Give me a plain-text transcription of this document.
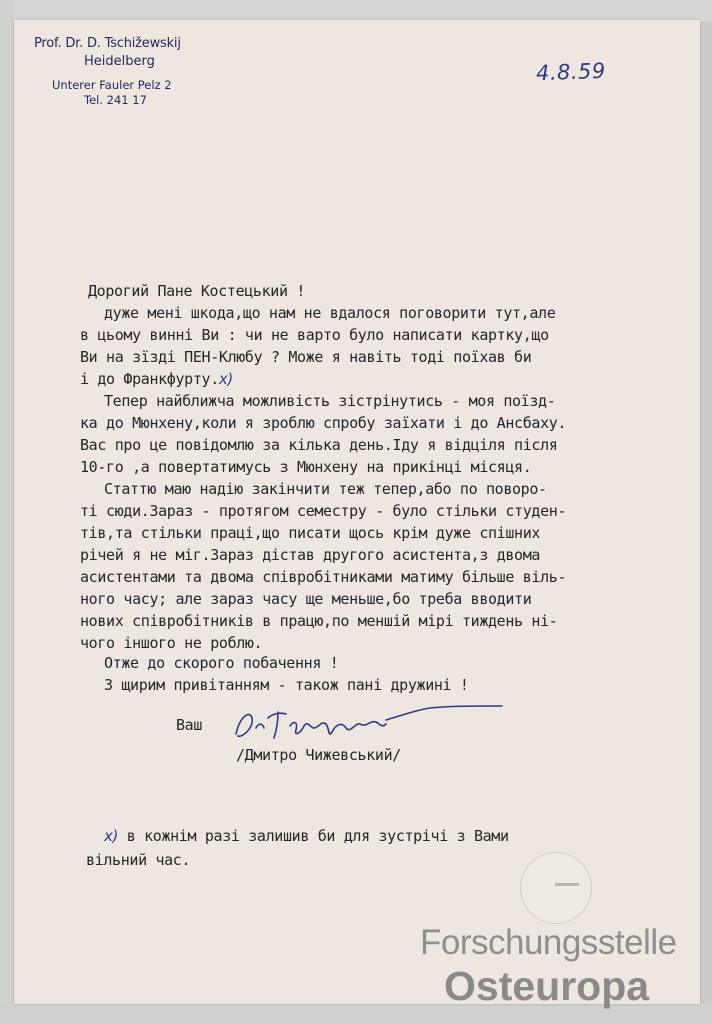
Prof. Dr. D. Tschižewskij
Heidelberg
Unterer Fauler Pelz 2
Tel. 241 17
4.8.59
Дорогий Пане Костецький !
дуже мені шкода,що нам не вдалося поговорити тут,але
в цьому винні Ви : чи не варто було написати картку,що
Ви на зїзді ПЕН-Клюбу ? Може я навіть тоді поїхав би
і до Франкфурту.x)
Тепер найближча можливість зістрінутись - моя поїзд-
ка до Мюнхену,коли я зроблю спробу заїхати і до Ансбаху.
Вас про це повідомлю за кілька день.Іду я відціля після
10-го ,а повертатимусь з Мюнхену на прикінці місяця.
Статтю маю надію закінчити теж тепер,або по поворо-
ті сюди.Зараз - протягом семестру - було стільки студен-
тів,та стільки праці,що писати щось крім дуже спішних
річей я не міг.Зараз дістав другого асистента,з двома
асистентами та двома співробітниками матиму більше віль-
ного часу; але зараз часу ще меньше,бо треба вводити
нових співробітників в працю,по меншій мірі тиждень ні-
чого іншого не роблю.
Отже до скорого побачення !
З щирим привітанням - також пані дружині !
Ваш
/Дмитро Чижевський/
x) в кожнім разі залишив би для зустрічі з Вами
вільний час.
Forschungsstelle
Osteuropa
